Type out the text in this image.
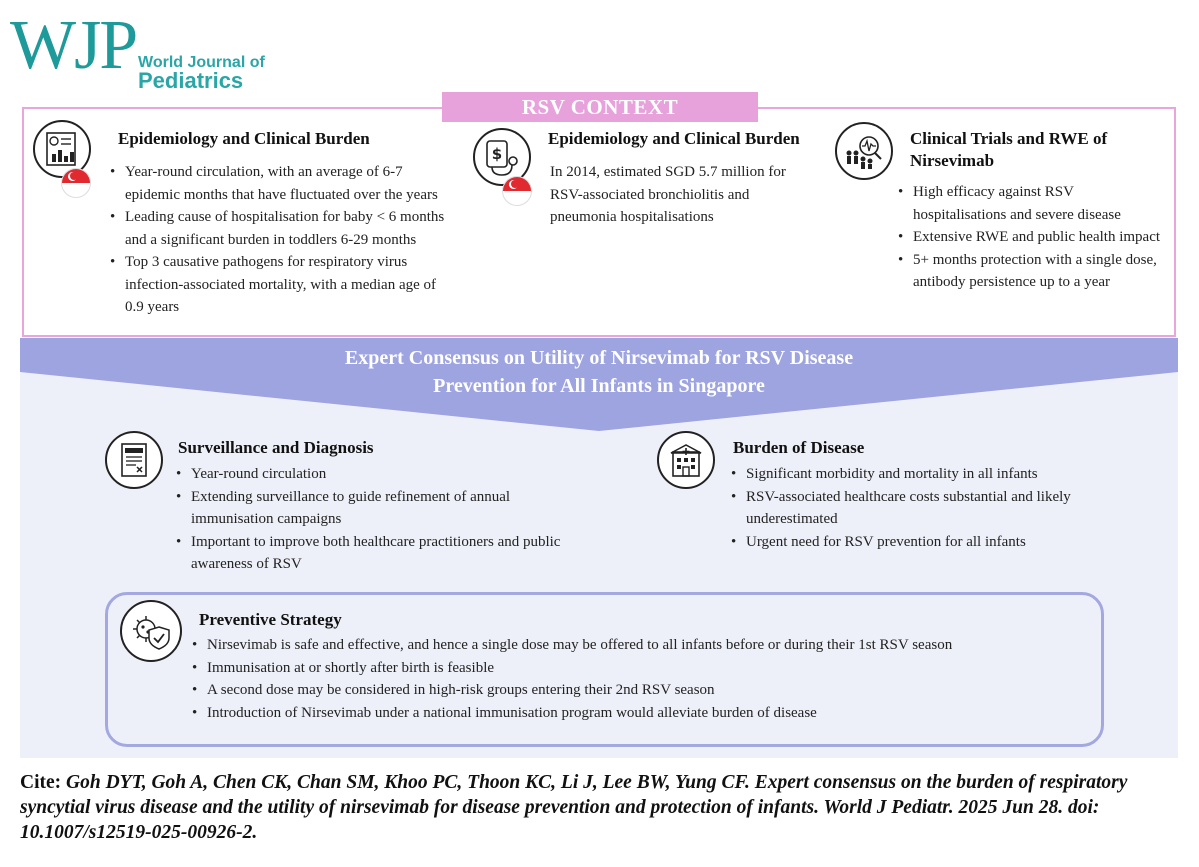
WJP World Journal of
Pediatrics
RSV CONTEXT
Epidemiology and Clinical Burden
• Year-round circulation, with an average of 6-7
epidemic months that have fluctuated over the years
• Leading cause of hospitalisation for baby < 6 months
and a significant burden in toddlers 6-29 months
• Top 3 causative pathogens for respiratory virus
infection-associated mortality, with a median age of
0.9 years
$
Epidemiology and Clinical Burden
In 2014, estimated SGD 5.7 million for
RSV-associated bronchiolitis and
pneumonia hospitalisations
Clinical Trials and RWE of
Nirsevimab
• High efficacy against RSV
hospitalisations and severe disease
• Extensive RWE and public health impact
• 5+ months protection with a single dose,
antibody persistence up to a year
Expert Consensus on Utility of Nirsevimab for RSV Disease
Prevention for All Infants in Singapore
Surveillance and Diagnosis
• Year-round circulation
• Extending surveillance to guide refinement of annual
immunisation campaigns
• Important to improve both healthcare practitioners and public
awareness of RSV
Burden of Disease
• Significant morbidity and mortality in all infants
• RSV-associated healthcare costs substantial and likely
underestimated
• Urgent need for RSV prevention for all infants
Preventive Strategy
• Nirsevimab is safe and effective, and hence a single dose may be offered to all infants before or during their 1st RSV season
• Immunisation at or shortly after birth is feasible
• A second dose may be considered in high-risk groups entering their 2nd RSV season
• Introduction of Nirsevimab under a national immunisation program would alleviate burden of disease
Cite: Goh DYT, Goh A, Chen CK, Chan SM, Khoo PC, Thoon KC, Li J, Lee BW, Yung CF. Expert consensus on the burden of respiratory syncytial virus disease and the utility of nirsevimab for disease prevention and protection of infants. World J Pediatr. 2025 Jun 28. doi: 10.1007/s12519-025-00926-2.
